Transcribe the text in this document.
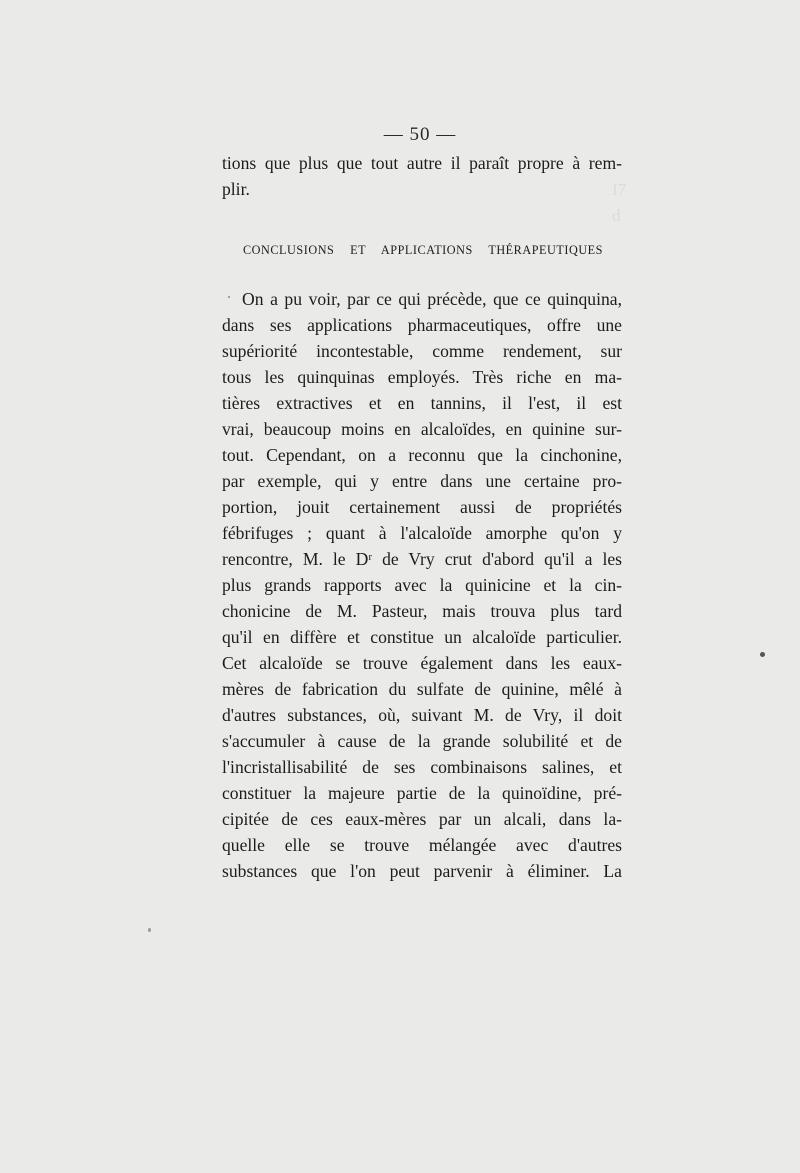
I7
d
— 50 —
tions que plus que tout autre il paraît propre à rem-
plir.
CONCLUSIONS ET APPLICATIONS THÉRAPEUTIQUES
On a pu voir, par ce qui précède, que ce quinquina,
dans ses applications pharmaceutiques, offre une
supériorité incontestable, comme rendement, sur
tous les quinquinas employés. Très riche en ma-
tières extractives et en tannins, il l'est, il est
vrai, beaucoup moins en alcaloïdes, en quinine sur-
tout. Cependant, on a reconnu que la cinchonine,
par exemple, qui y entre dans une certaine pro-
portion, jouit certainement aussi de propriétés
fébrifuges ; quant à l'alcaloïde amorphe qu'on y
rencontre, M. le Dʳ de Vry crut d'abord qu'il a les
plus grands rapports avec la quinicine et la cin-
chonicine de M. Pasteur, mais trouva plus tard
qu'il en diffère et constitue un alcaloïde particulier.
Cet alcaloïde se trouve également dans les eaux-
mères de fabrication du sulfate de quinine, mêlé à
d'autres substances, où, suivant M. de Vry, il doit
s'accumuler à cause de la grande solubilité et de
l'incristallisabilité de ses combinaisons salines, et
constituer la majeure partie de la quinoïdine, pré-
cipitée de ces eaux-mères par un alcali, dans la-
quelle elle se trouve mélangée avec d'autres
substances que l'on peut parvenir à éliminer. La
